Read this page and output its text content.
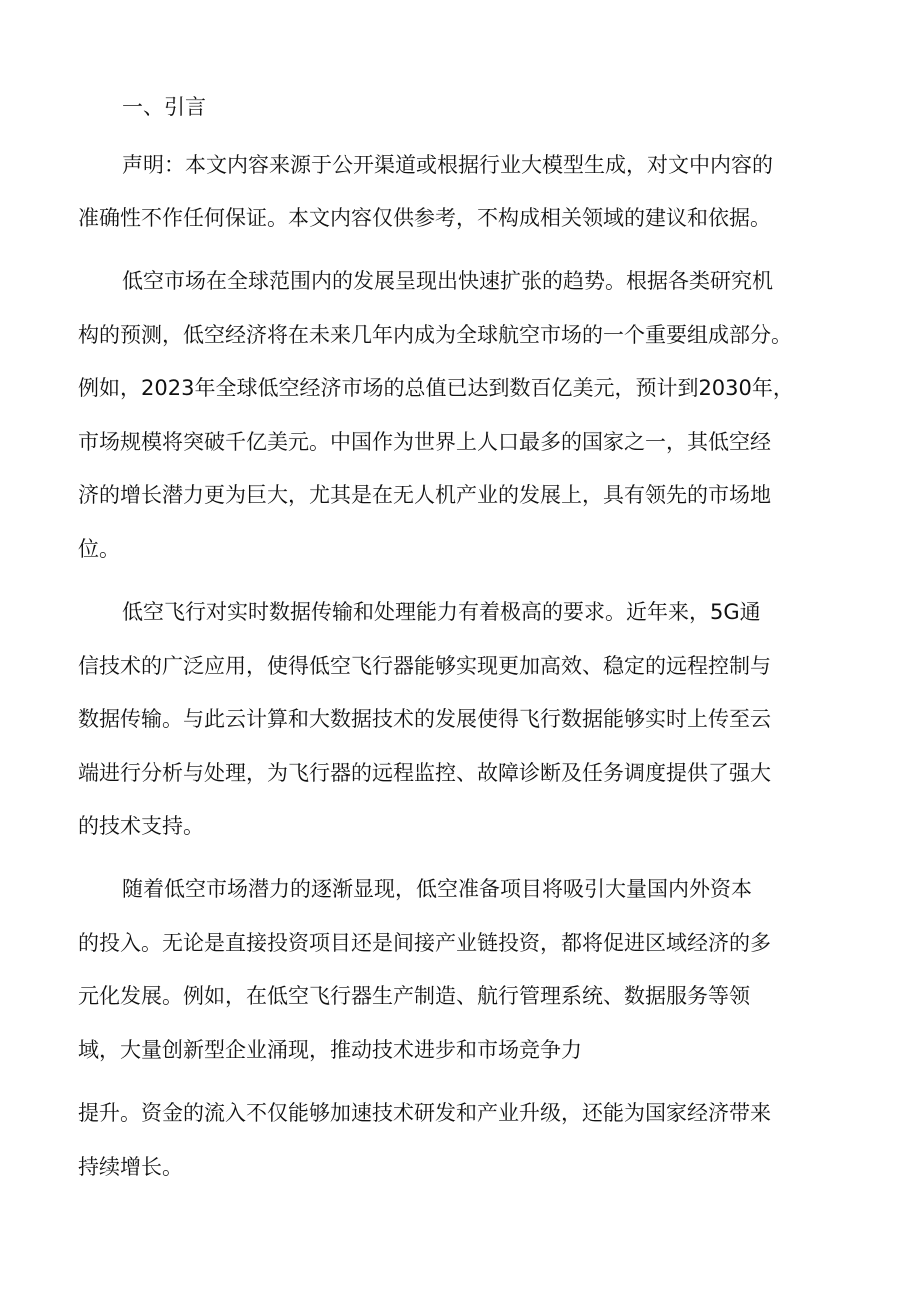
一、引言

声明：本文内容来源于公开渠道或根据行业大模型生成，对文中内容的

准确性不作任何保证。本文内容仅供参考，不构成相关领域的建议和依据。

低空市场在全球范围内的发展呈现出快速扩张的趋势。根据各类研究机

构的预测，低空经济将在未来几年内成为全球航空市场的一个重要组成部分。

例如，2023年全球低空经济市场的总值已达到数百亿美元，预计到2030年，

市场规模将突破千亿美元。中国作为世界上人口最多的国家之一，其低空经

济的增长潜力更为巨大，尤其是在无人机产业的发展上，具有领先的市场地

位。

低空飞行对实时数据传输和处理能力有着极高的要求。近年来，5G通

信技术的广泛应用，使得低空飞行器能够实现更加高效、稳定的远程控制与

数据传输。与此云计算和大数据技术的发展使得飞行数据能够实时上传至云

端进行分析与处理，为飞行器的远程监控、故障诊断及任务调度提供了强大

的技术支持。

随着低空市场潜力的逐渐显现，低空准备项目将吸引大量国内外资本

的投入。无论是直接投资项目还是间接产业链投资，都将促进区域经济的多

元化发展。例如，在低空飞行器生产制造、航行管理系统、数据服务等领

域，大量创新型企业涌现，推动技术进步和市场竞争力

提升。资金的流入不仅能够加速技术研发和产业升级，还能为国家经济带来

持续增长。
